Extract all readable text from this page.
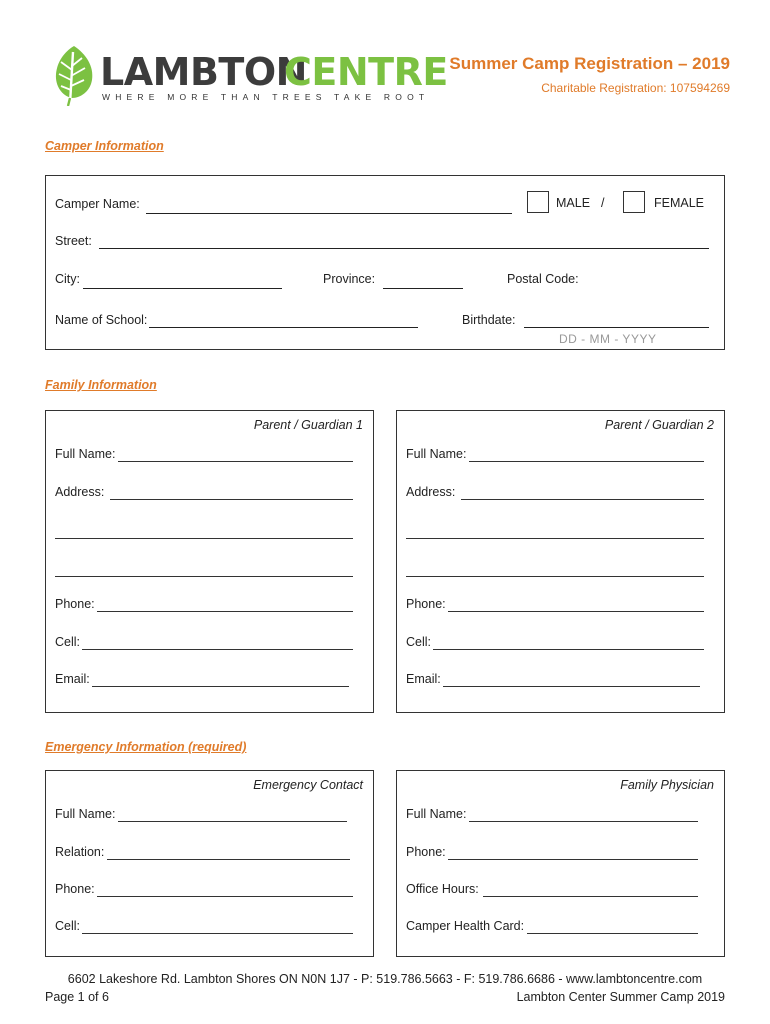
LAMBTON
CENTRE
WHERE MORE THAN TREES TAKE ROOT
Summer Camp Registration – 2019
Charitable Registration: 107594269
Camper Information
Camper Name:	MALE /	FEMALE
Street:
City:	Province:	Postal Code:
Name of School:	Birthdate:
DD - MM - YYYY
Family Information
Parent / Guardian 1
Full Name:
Address:
Phone:
Cell:
Email:
Parent / Guardian 2
Full Name:
Address:
Phone:
Cell:
Email:
Emergency Information (required)
Emergency Contact
Full Name:
Relation:
Phone:
Cell:
Family Physician
Full Name:
Phone:
Office Hours:
Camper Health Card:
6602 Lakeshore Rd. Lambton Shores ON N0N 1J7 - P: 519.786.5663 - F: 519.786.6686 - www.lambtoncentre.com
Page 1 of 6	Lambton Center Summer Camp 2019
